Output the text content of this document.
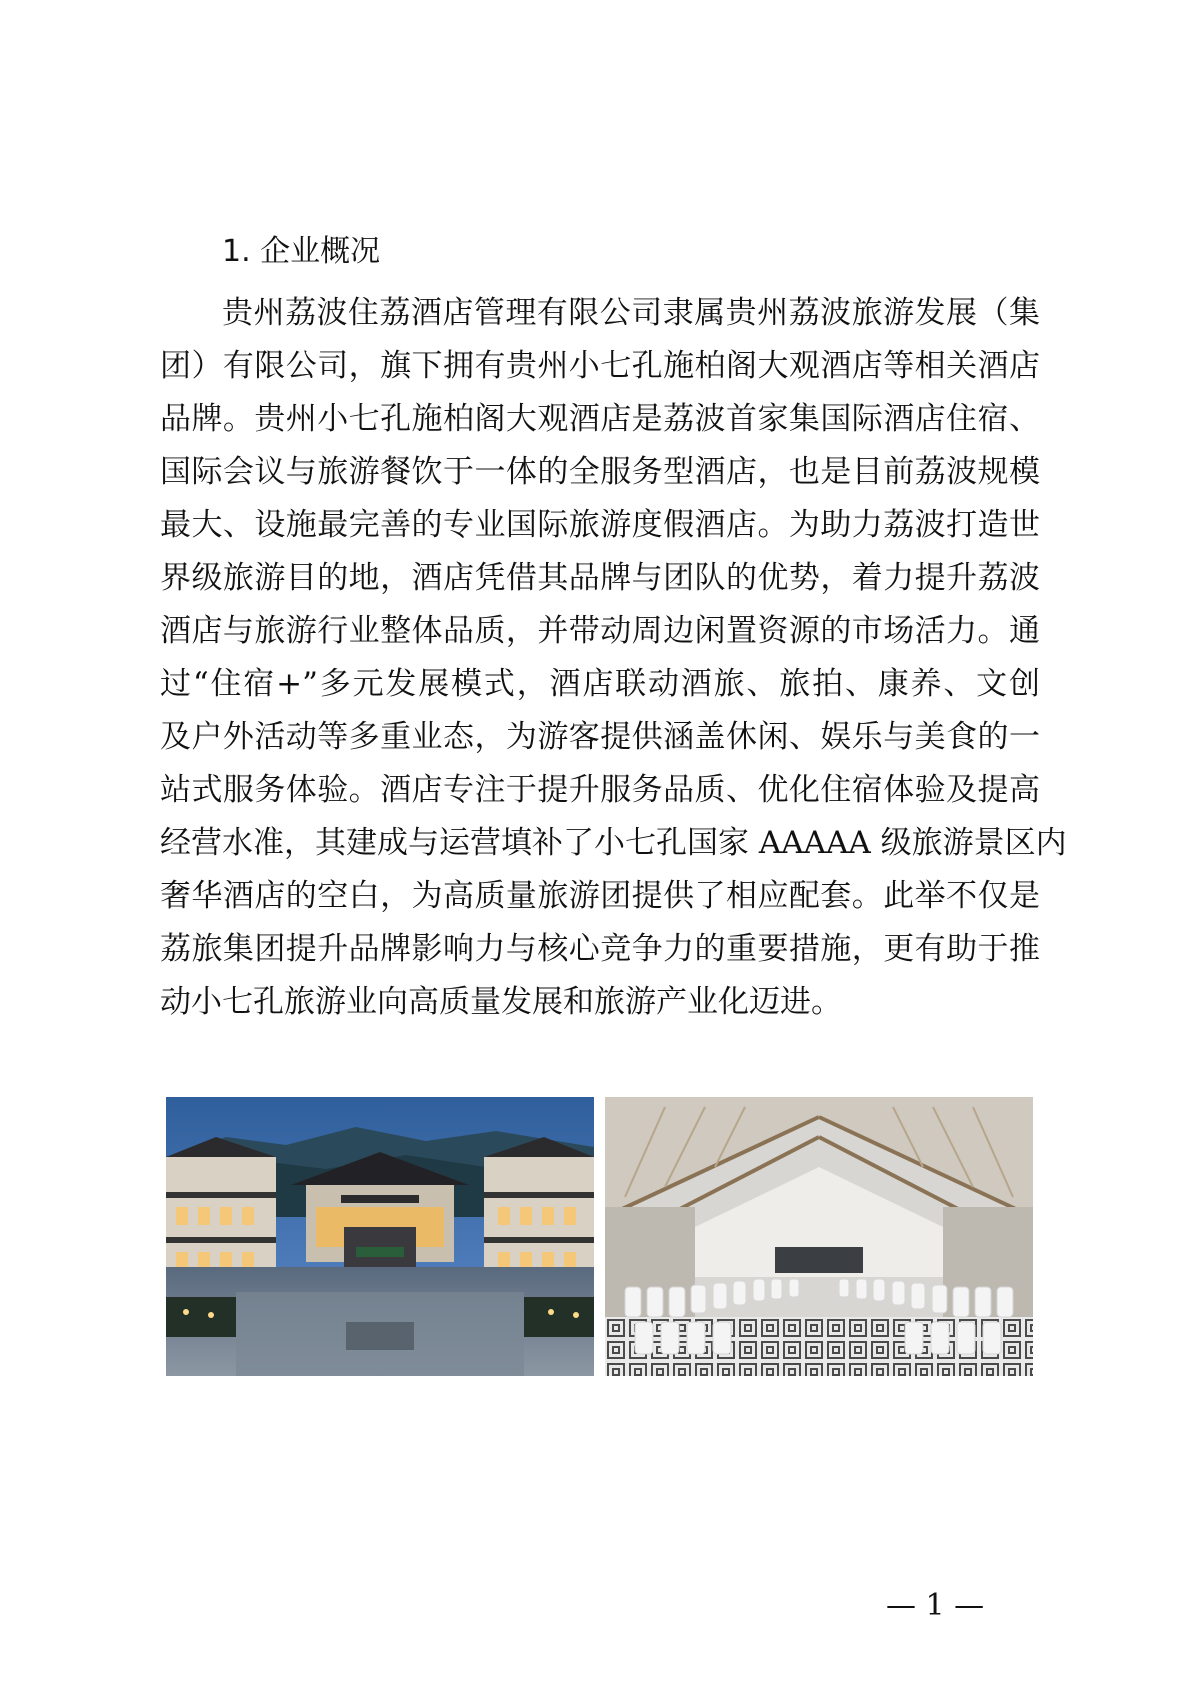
1. 企业概况
贵州荔波住荔酒店管理有限公司隶属贵州荔波旅游发展（集
团）有限公司，旗下拥有贵州小七孔施柏阁大观酒店等相关酒店
品牌。贵州小七孔施柏阁大观酒店是荔波首家集国际酒店住宿、
国际会议与旅游餐饮于一体的全服务型酒店，也是目前荔波规模
最大、设施最完善的专业国际旅游度假酒店。为助力荔波打造世
界级旅游目的地，酒店凭借其品牌与团队的优势，着力提升荔波
酒店与旅游行业整体品质，并带动周边闲置资源的市场活力。通
过“住宿+”多元发展模式，酒店联动酒旅、旅拍、康养、文创
及户外活动等多重业态，为游客提供涵盖休闲、娱乐与美食的一
站式服务体验。酒店专注于提升服务品质、优化住宿体验及提高
经营水准，其建成与运营填补了小七孔国家 AAAAA 级旅游景区内
奢华酒店的空白，为高质量旅游团提供了相应配套。此举不仅是
荔旅集团提升品牌影响力与核心竞争力的重要措施，更有助于推
动小七孔旅游业向高质量发展和旅游产业化迈进。
— 1 —
